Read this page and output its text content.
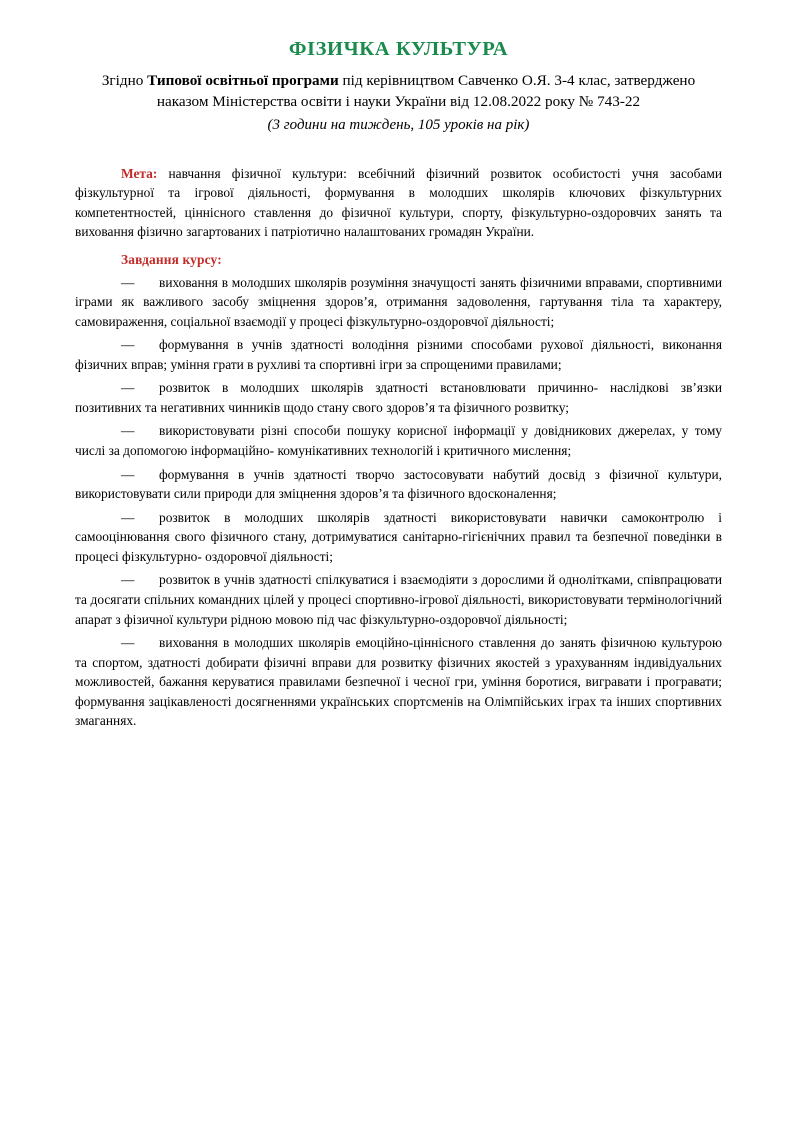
ФІЗИЧКА КУЛЬТУРА

Згідно Типової освітньої програми під керівництвом Савченко О.Я. 3-4 клас, затверджено

наказом Міністерства освіти і науки України від 12.08.2022 року № 743-22

(3 години на тиждень, 105 уроків на рік)

Мета: навчання фізичної культури: всебічний фізичний розвиток особистості учня засобами фізкультурної та ігрової діяльності, формування в молодших школярів ключових фізкультурних компетентностей, ціннісного ставлення до фізичної культури, спорту, фізкультурно-оздоровчих занять та виховання фізично загартованих і патріотично налаштованих громадян України.

Завдання курсу:

— виховання в молодших школярів розуміння значущості занять фізичними вправами, спортивними іграми як важливого засобу зміцнення здоров’я, отримання задоволення, гартування тіла та характеру, самовираження, соціальної взаємодії у процесі фізкультурно-оздоровчої діяльності;

— формування в учнів здатності володіння різними способами рухової діяльності, виконання фізичних вправ; уміння грати в рухливі та спортивні ігри за спрощеними правилами;

— розвиток в молодших школярів здатності встановлювати причинно- наслідкові зв’язки позитивних та негативних чинників щодо стану свого здоров’я та фізичного розвитку;

— використовувати різні способи пошуку корисної інформації у довідникових джерелах, у тому числі за допомогою інформаційно- комунікативних технологій і критичного мислення;

— формування в учнів здатності творчо застосовувати набутий досвід з фізичної культури, використовувати сили природи для зміцнення здоров’я та фізичного вдосконалення;

— розвиток в молодших школярів здатності використовувати навички самоконтролю і самооцінювання свого фізичного стану, дотримуватися санітарно-гігієнічних правил та безпечної поведінки в процесі фізкультурно- оздоровчої діяльності;

— розвиток в учнів здатності спілкуватися і взаємодіяти з дорослими й однолітками, співпрацювати та досягати спільних командних цілей у процесі спортивно-ігрової діяльності, використовувати термінологічний апарат з фізичної культури рідною мовою під час фізкультурно-оздоровчої діяльності;

— виховання в молодших школярів емоційно-ціннісного ставлення до занять фізичною культурою та спортом, здатності добирати фізичні вправи для розвитку фізичних якостей з урахуванням індивідуальних можливостей, бажання керуватися правилами безпечної і чесної гри, уміння боротися, вигравати і програвати; формування зацікавленості досягненнями українських спортсменів на Олімпійських іграх та інших спортивних змаганнях.
